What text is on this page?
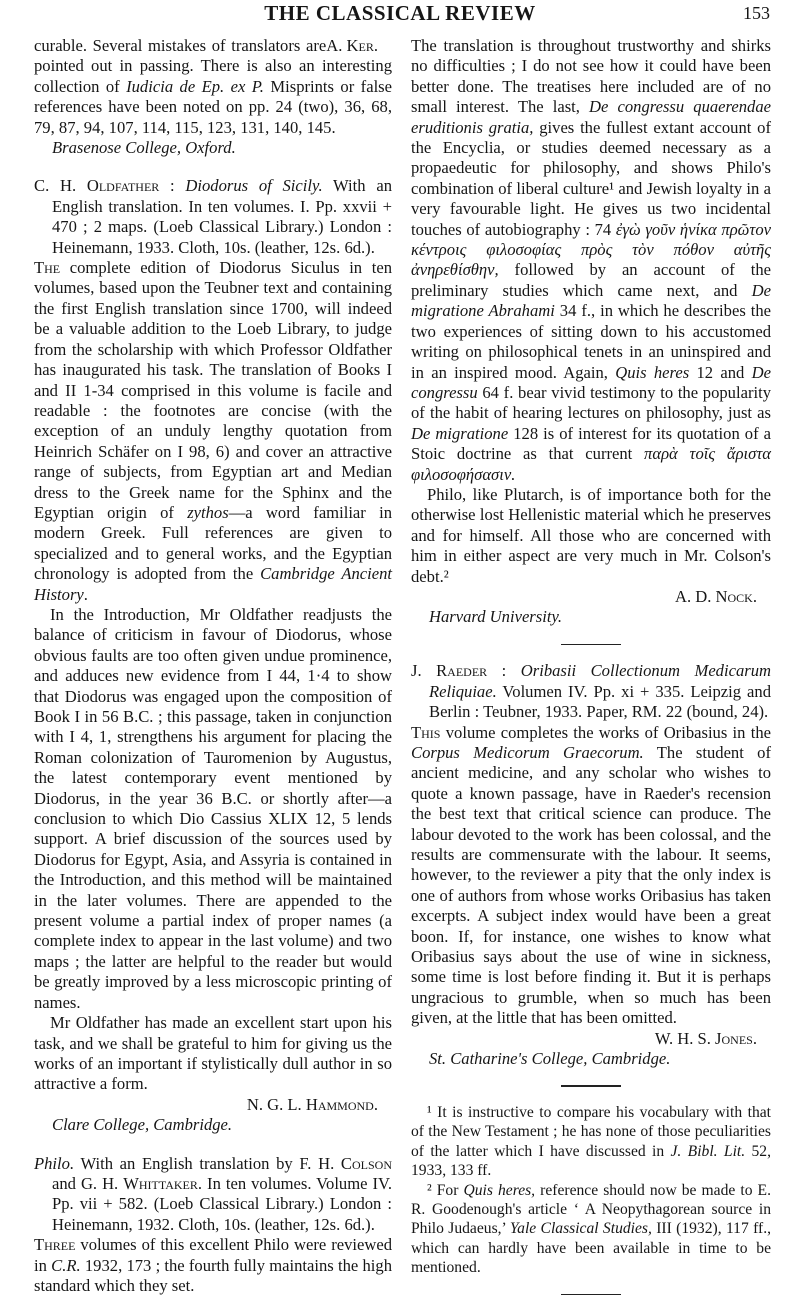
THE CLASSICAL REVIEW	153

A. Ker.
curable. Several mistakes of translators are pointed out in passing. There is also an interesting collection of Iudicia de Ep. ex P. Misprints or false references have been noted on pp. 24 (two), 36, 68, 79, 87, 94, 107, 114, 115, 123, 131, 140, 145.

Brasenose College, Oxford.

C. H. Oldfather : Diodorus of Sicily. With an English translation. In ten volumes. I. Pp. xxvii + 470 ; 2 maps. (Loeb Classical Library.) London : Heinemann, 1933. Cloth, 10s. (leather, 12s. 6d.).

The complete edition of Diodorus Siculus in ten volumes, based upon the Teubner text and containing the first English translation since 1700, will indeed be a valuable addition to the Loeb Library, to judge from the scholarship with which Professor Oldfather has inaugurated his task. The translation of Books I and II 1-34 comprised in this volume is facile and readable : the footnotes are concise (with the exception of an unduly lengthy quotation from Heinrich Schäfer on I 98, 6) and cover an attractive range of subjects, from Egyptian art and Median dress to the Greek name for the Sphinx and the Egyptian origin of zythos—a word familiar in modern Greek. Full references are given to specialized and to general works, and the Egyptian chronology is adopted from the Cambridge Ancient History.

In the Introduction, Mr Oldfather readjusts the balance of criticism in favour of Diodorus, whose obvious faults are too often given undue prominence, and adduces new evidence from I 44, 1·4 to show that Diodorus was engaged upon the composition of Book I in 56 B.C. ; this passage, taken in conjunction with I 4, 1, strengthens his argument for placing the Roman colonization of Tauromenion by Augustus, the latest contemporary event mentioned by Diodorus, in the year 36 B.C. or shortly after—a conclusion to which Dio Cassius XLIX 12, 5 lends support. A brief discussion of the sources used by Diodorus for Egypt, Asia, and Assyria is contained in the Introduction, and this method will be maintained in the later volumes. There are appended to the present volume a partial index of proper names (a complete index to appear in the last volume) and two maps ; the latter are helpful to the reader but would be greatly improved by a less microscopic printing of names.

Mr Oldfather has made an excellent start upon his task, and we shall be grateful to him for giving us the works of an important if stylistically dull author in so attractive a form.

N. G. L. Hammond.

Clare College, Cambridge.

Philo. With an English translation by F. H. Colson and G. H. Whittaker. In ten volumes. Volume IV. Pp. vii + 582. (Loeb Classical Library.) London : Heinemann, 1932. Cloth, 10s. (leather, 12s. 6d.).

Three volumes of this excellent Philo were reviewed in C.R. 1932, 173 ; the fourth fully maintains the high standard which they set.

The translation is throughout trustworthy and shirks no difficulties ; I do not see how it could have been better done. The treatises here included are of no small interest. The last, De congressu quaerendae eruditionis gratia, gives the fullest extant account of the Encyclia, or studies deemed necessary as a propaedeutic for philosophy, and shows Philo's combination of liberal culture¹ and Jewish loyalty in a very favourable light. He gives us two incidental touches of autobiography : 74 ἐγὼ γοῦν ἡνίκα πρῶτον κέντροις φιλοσοφίας πρὸς τὸν πόθον αὐτῆς ἀνηρεθίσθην, followed by an account of the preliminary studies which came next, and De migratione Abrahami 34 f., in which he describes the two experiences of sitting down to his accustomed writing on philosophical tenets in an uninspired and in an inspired mood. Again, Quis heres 12 and De congressu 64 f. bear vivid testimony to the popularity of the habit of hearing lectures on philosophy, just as De migratione 128 is of interest for its quotation of a Stoic doctrine as that current παρὰ τοῖς ἄριστα φιλοσοφήσασιν.

Philo, like Plutarch, is of importance both for the otherwise lost Hellenistic material which he preserves and for himself. All those who are concerned with him in either aspect are very much in Mr. Colson's debt.²

A. D. Nock.

Harvard University.

J. Raeder : Oribasii Collectionum Medicarum Reliquiae. Volumen IV. Pp. xi + 335. Leipzig and Berlin : Teubner, 1933. Paper, RM. 22 (bound, 24).

This volume completes the works of Oribasius in the Corpus Medicorum Graecorum. The student of ancient medicine, and any scholar who wishes to quote a known passage, have in Raeder's recension the best text that critical science can produce. The labour devoted to the work has been colossal, and the results are commensurate with the labour. It seems, however, to the reviewer a pity that the only index is one of authors from whose works Oribasius has taken excerpts. A subject index would have been a great boon. If, for instance, one wishes to know what Oribasius says about the use of wine in sickness, some time is lost before finding it. But it is perhaps ungracious to grumble, when so much has been given, at the little that has been omitted.

W. H. S. Jones.

St. Catharine's College, Cambridge.

¹ It is instructive to compare his vocabulary with that of the New Testament ; he has none of those peculiarities of the latter which I have discussed in J. Bibl. Lit. 52, 1933, 133 ff.

² For Quis heres, reference should now be made to E. R. Goodenough's article ‘ A Neopythagorean source in Philo Judaeus,’ Yale Classical Studies, III (1932), 117 ff., which can hardly have been available in time to be mentioned.
